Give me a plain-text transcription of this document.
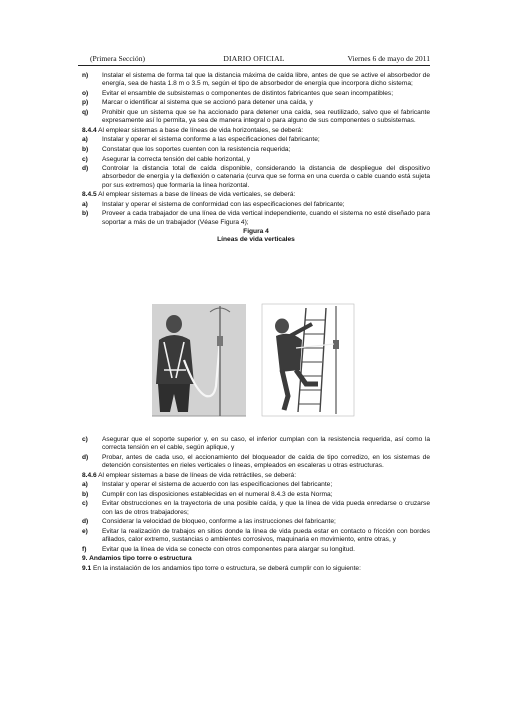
(Primera Sección)	DIARIO OFICIAL	Viernes 6 de mayo de 2011
n) Instalar el sistema de forma tal que la distancia máxima de caída libre, antes de que se active el absorbedor de energía, sea de hasta 1.8 m o 3.5 m, según el tipo de absorbedor de energía que incorpora dicho sistema;
o) Evitar el ensamble de subsistemas o componentes de distintos fabricantes que sean incompatibles;
p) Marcar o identificar al sistema que se accionó para detener una caída, y
q) Prohibir que un sistema que se ha accionado para detener una caída, sea reutilizado, salvo que el fabricante expresamente así lo permita, ya sea de manera integral o para alguno de sus componentes o subsistemas.
8.4.4 Al emplear sistemas a base de líneas de vida horizontales, se deberá:
a) Instalar y operar el sistema conforme a las especificaciones del fabricante;
b) Constatar que los soportes cuenten con la resistencia requerida;
c) Asegurar la correcta tensión del cable horizontal, y
d) Controlar la distancia total de caída disponible, considerando la distancia de despliegue del dispositivo absorbedor de energía y la deflexión o catenaria (curva que se forma en una cuerda o cable cuando está sujeta por sus extremos) que formaría la línea horizontal.
8.4.5 Al emplear sistemas a base de líneas de vida verticales, se deberá:
a) Instalar y operar el sistema de conformidad con las especificaciones del fabricante;
b) Proveer a cada trabajador de una línea de vida vertical independiente, cuando el sistema no esté diseñado para soportar a más de un trabajador (Véase Figura 4);
Figura 4
Líneas de vida verticales
c) Asegurar que el soporte superior y, en su caso, el inferior cumplan con la resistencia requerida, así como la correcta tensión en el cable, según aplique, y
d) Probar, antes de cada uso, el accionamiento del bloqueador de caída de tipo corredizo, en los sistemas de detención consistentes en rieles verticales o líneas, empleados en escaleras u otras estructuras.
8.4.6 Al emplear sistemas a base de líneas de vida retráctiles, se deberá:
a) Instalar y operar el sistema de acuerdo con las especificaciones del fabricante;
b) Cumplir con las disposiciones establecidas en el numeral 8.4.3 de esta Norma;
c) Evitar obstrucciones en la trayectoria de una posible caída, y que la línea de vida pueda enredarse o cruzarse con las de otros trabajadores;
d) Considerar la velocidad de bloqueo, conforme a las instrucciones del fabricante;
e) Evitar la realización de trabajos en sitios donde la línea de vida pueda estar en contacto o fricción con bordes afilados, calor extremo, sustancias o ambientes corrosivos, maquinaria en movimiento, entre otras, y
f) Evitar que la línea de vida se conecte con otros componentes para alargar su longitud.
9. Andamios tipo torre o estructura
9.1 En la instalación de los andamios tipo torre o estructura, se deberá cumplir con lo siguiente:
